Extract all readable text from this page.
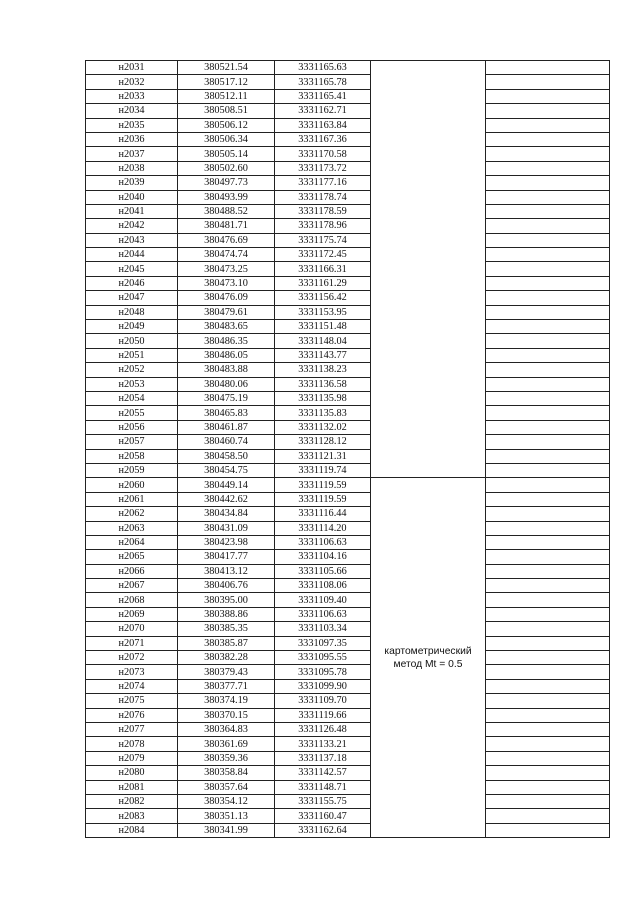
н2031	380521.54	3331165.63		
н2032	380517.12	3331165.78		
н2033	380512.11	3331165.41		
н2034	380508.51	3331162.71		
н2035	380506.12	3331163.84		
н2036	380506.34	3331167.36		
н2037	380505.14	3331170.58		
н2038	380502.60	3331173.72		
н2039	380497.73	3331177.16		
н2040	380493.99	3331178.74		
н2041	380488.52	3331178.59		
н2042	380481.71	3331178.96		
н2043	380476.69	3331175.74		
н2044	380474.74	3331172.45		
н2045	380473.25	3331166.31		
н2046	380473.10	3331161.29		
н2047	380476.09	3331156.42		
н2048	380479.61	3331153.95		
н2049	380483.65	3331151.48		
н2050	380486.35	3331148.04		
н2051	380486.05	3331143.77		
н2052	380483.88	3331138.23		
н2053	380480.06	3331136.58		
н2054	380475.19	3331135.98		
н2055	380465.83	3331135.83		
н2056	380461.87	3331132.02		
н2057	380460.74	3331128.12		
н2058	380458.50	3331121.31		
н2059	380454.75	3331119.74		
н2060	380449.14	3331119.59	картометрический
метод Mt = 0.5	

н2061	380442.62	3331119.59		
н2062	380434.84	3331116.44		
н2063	380431.09	3331114.20		
н2064	380423.98	3331106.63		
н2065	380417.77	3331104.16		
н2066	380413.12	3331105.66		
н2067	380406.76	3331108.06		
н2068	380395.00	3331109.40		
н2069	380388.86	3331106.63		
н2070	380385.35	3331103.34		
н2071	380385.87	3331097.35		
н2072	380382.28	3331095.55		
н2073	380379.43	3331095.78		
н2074	380377.71	3331099.90		
н2075	380374.19	3331109.70		
н2076	380370.15	3331119.66		
н2077	380364.83	3331126.48		
н2078	380361.69	3331133.21		
н2079	380359.36	3331137.18		
н2080	380358.84	3331142.57		
н2081	380357.64	3331148.71		
н2082	380354.12	3331155.75		
н2083	380351.13	3331160.47		
н2084	380341.99	3331162.64		
